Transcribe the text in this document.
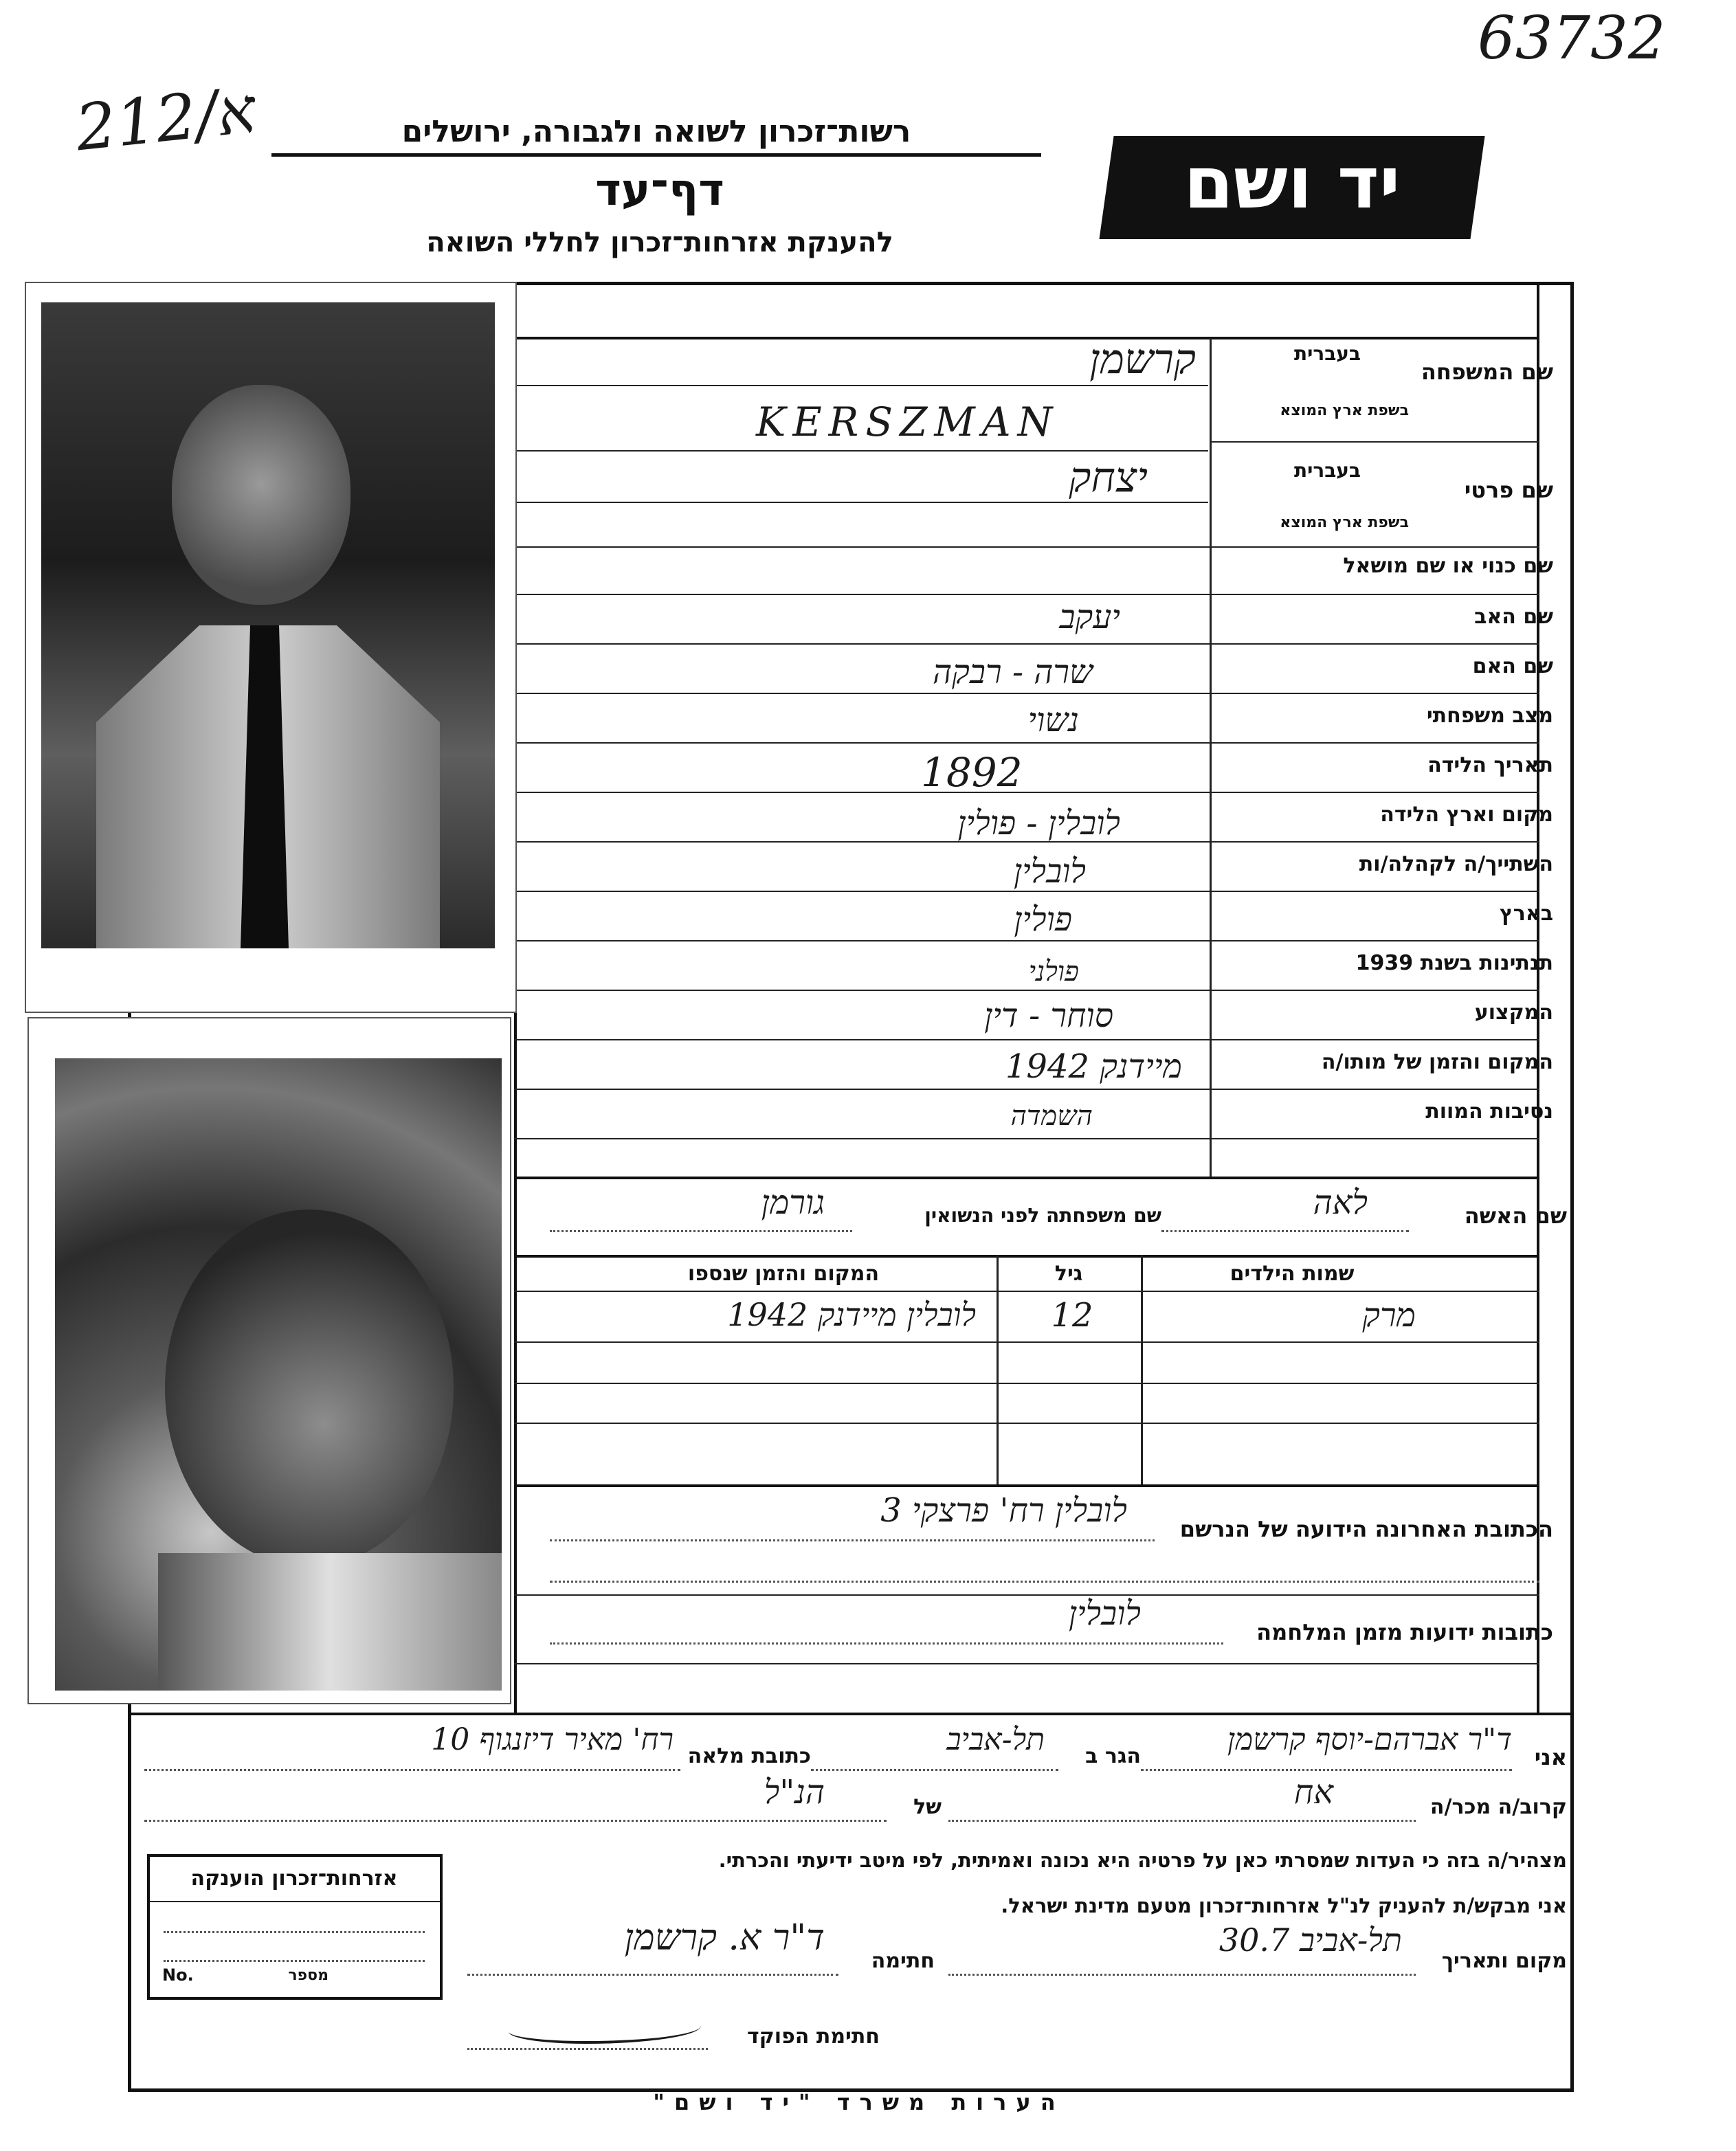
63732
212/א	רשות־זכרון לשואה ולגבורה, ירושלים
דף־עד
להענקת אזרחות־זכרון לחללי השואה
יד ושם
שם המשפחה
בעברית
בשפת ארץ המוצא
שם פרטי
בעברית
בשפת ארץ המוצא
שם כנוי או שם מושאל
שם האב
שם האם
מצב משפחתי
תאריך הלידה
מקום וארץ הלידה
השתייך/ה לקהלה/ות
בארץ
תנתינות בשנת 1939
המקצוע
המקום והזמן של מותו/ה
נסיבות המוות
קרשמן
KERSZMAN
יצחק
יעקב
שרה - רבקה
נשוי
1892
לובלין - פולין
לובלין
פולין
פולני
סוחר - דין
מיידנק 1942
השמדה
שם האשה
לאה
שם משפחתה לפני הנשואין
גורמן
שמות הילדים
גיל
המקום והזמן שנספו
מרק
12
לובלין מיידנק 1942
הכתובת האחרונה הידועה של הנרשם
לובלין רח' פרצקי 3
כתובות ידועות מזמן המלחמה
לובלין
אני
ד"ר אברהם-יוסף קרשמן
הגר ב
תל-אביב
כתובת מלאה
רח' מאיר דיזנגוף 10
קרוב/ה מכר/ה
אח
של
הנ"ל
מצהיר/ה בזה כי העדות שמסרתי כאן על פרטיה היא נכונה ואמיתית, לפי מיטב ידיעתי והכרתי.
אני מבקש/ת להעניק לנ"ל אזרחות־זכרון מטעם מדינת ישראל.
מקום ותאריך
תל-אביב 30.7
חתימה
ד"ר א. קרשמן
חתימת הפוקד
אזרחות־זכרון הוענקה
מספר
No.
הערות משרד "יד ושם"
